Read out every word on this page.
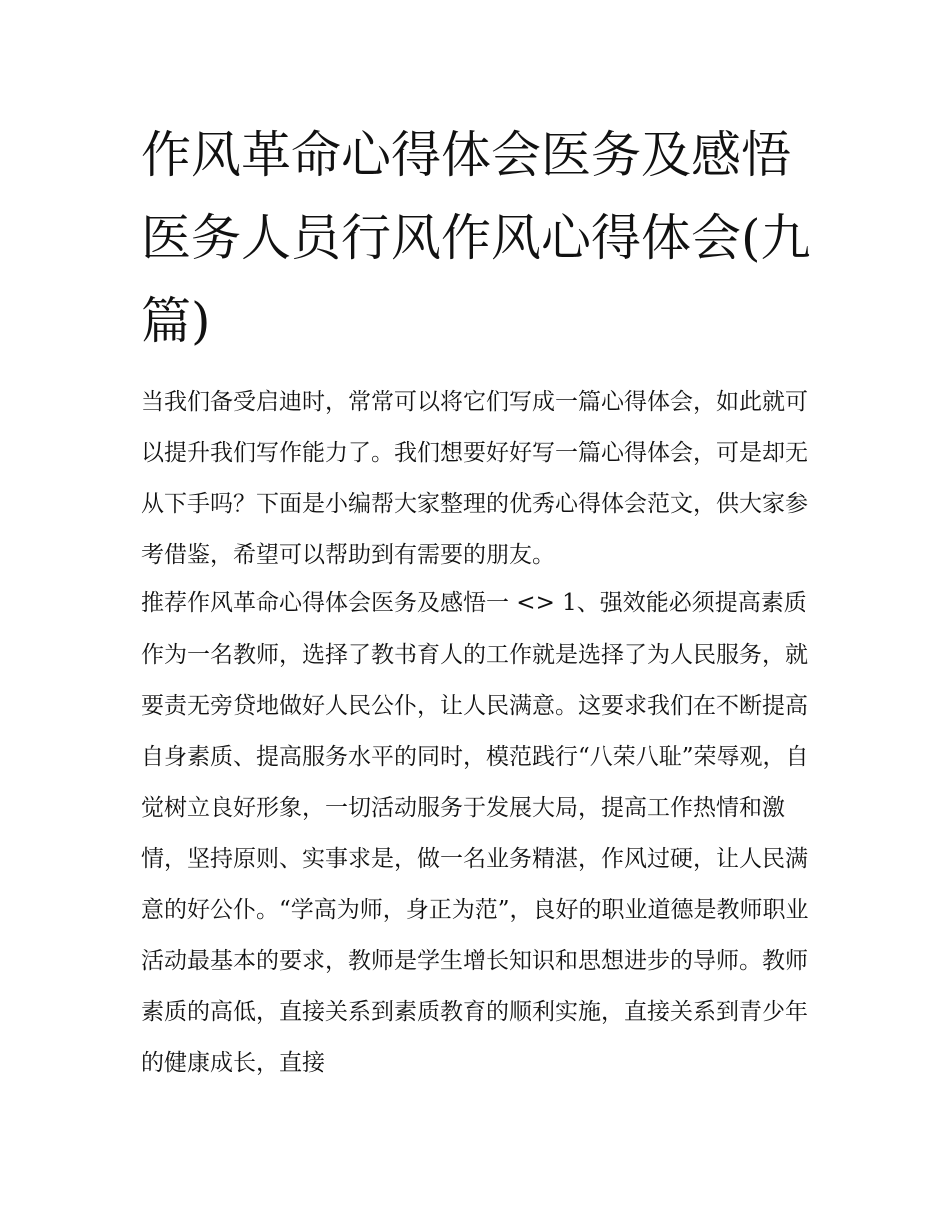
作风革命心得体会医务及感悟医务人员行风作风心得体会(九篇)

当我们备受启迪时，常常可以将它们写成一篇心得体会，如此就可以提升我们写作能力了。我们想要好好写一篇心得体会，可是却无从下手吗？下面是小编帮大家整理的优秀心得体会范文，供大家参考借鉴，希望可以帮助到有需要的朋友。

推荐作风革命心得体会医务及感悟一 <> 1、强效能必须提高素质

作为一名教师，选择了教书育人的工作就是选择了为人民服务，就要责无旁贷地做好人民公仆，让人民满意。这要求我们在不断提高自身素质、提高服务水平的同时，模范践行“八荣八耻”荣辱观，自觉树立良好形象，一切活动服务于发展大局，提高工作热情和激情，坚持原则、实事求是，做一名业务精湛，作风过硬，让人民满意的好公仆。“学高为师，身正为范”，良好的职业道德是教师职业活动最基本的要求，教师是学生增长知识和思想进步的导师。教师素质的高低，直接关系到素质教育的顺利实施，直接关系到青少年的健康成长，直接
